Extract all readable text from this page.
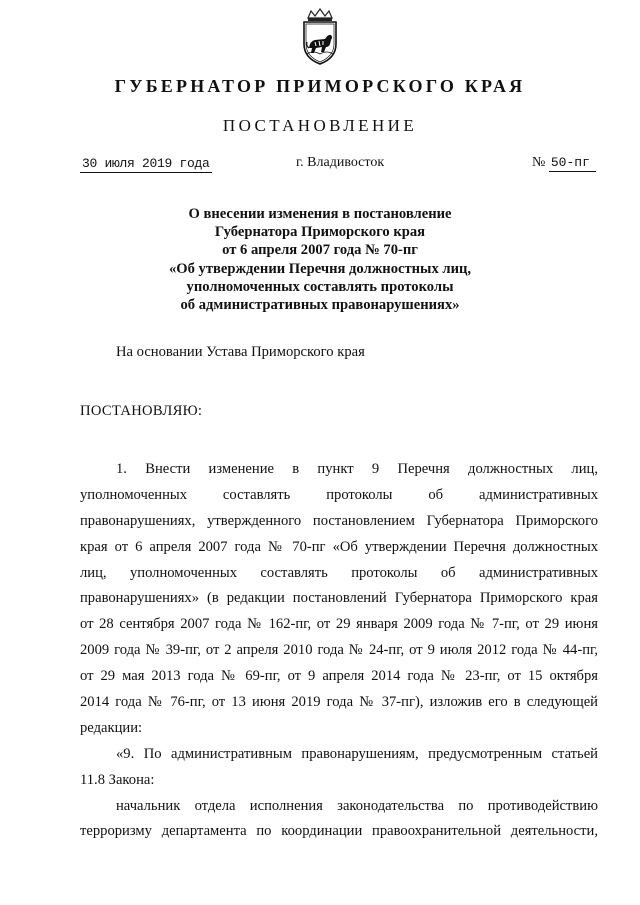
ГУБЕРНАТОР ПРИМОРСКОГО КРАЯ
ПОСТАНОВЛЕНИЕ
30 июля 2019 года	г. Владивосток	№ 50-пг
О внесении изменения в постановление
Губернатора Приморского края
от 6 апреля 2007 года № 70-пг
«Об утверждении Перечня должностных лиц,
уполномоченных составлять протоколы
об административных правонарушениях»
На основании Устава Приморского края
ПОСТАНОВЛЯЮ:
1. Внести изменение в пункт 9 Перечня должностных лиц,
уполномоченных составлять протоколы об административных
правонарушениях, утвержденного постановлением Губернатора Приморского
края от 6 апреля 2007 года № 70-пг «Об утверждении Перечня должностных
лиц, уполномоченных составлять протоколы об административных
правонарушениях» (в редакции постановлений Губернатора Приморского края
от 28 сентября 2007 года № 162-пг, от 29 января 2009 года № 7-пг, от 29 июня
2009 года № 39-пг, от 2 апреля 2010 года № 24-пг, от 9 июля 2012 года № 44-пг,
от 29 мая 2013 года № 69-пг, от 9 апреля 2014 года № 23-пг, от 15 октября
2014 года № 76-пг, от 13 июня 2019 года № 37-пг), изложив его в следующей
редакции:
«9. По административным правонарушениям, предусмотренным статьей
11.8 Закона:
начальник отдела исполнения законодательства по противодействию
терроризму департамента по координации правоохранительной деятельности,
